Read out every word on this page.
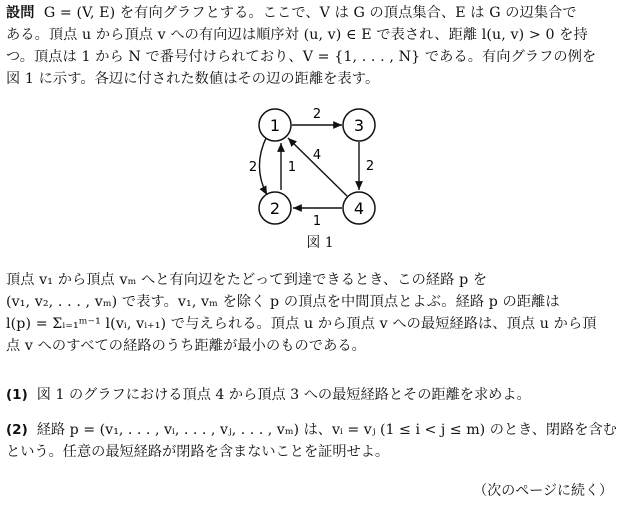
設問 G = (V, E) を有向グラフとする。ここで、V は G の頂点集合、E は G の辺集合で

ある。頂点 u から頂点 v への有向辺は順序対 (u, v) ∈ E で表され、距離 l(u, v) > 0 を持

つ。頂点は 1 から N で番号付けられており、V = {1, . . . , N} である。有向グラフの例を

図 1 に示す。各辺に付された数値はその辺の距離を表す。

1
2
3
4
2
2
1
4
1
2
図 1

頂点 v₁ から頂点 vₘ へと有向辺をたどって到達できるとき、この経路 p を

(v₁, v₂, . . . , vₘ) で表す。v₁, vₘ を除く p の頂点を中間頂点とよぶ。経路 p の距離は

l(p) = Σᵢ₌₁ᵐ⁻¹ l(vᵢ, vᵢ₊₁) で与えられる。頂点 u から頂点 v への最短経路は、頂点 u から頂

点 v へのすべての経路のうち距離が最小のものである。

(1) 図 1 のグラフにおける頂点 4 から頂点 3 への最短経路とその距離を求めよ。

(2) 経路 p = (v₁, . . . , vᵢ, . . . , vⱼ, . . . , vₘ) は、vᵢ = vⱼ (1 ≤ i < j ≤ m) のとき、閉路を含む

という。任意の最短経路が閉路を含まないことを証明せよ。

（次のページに続く）
